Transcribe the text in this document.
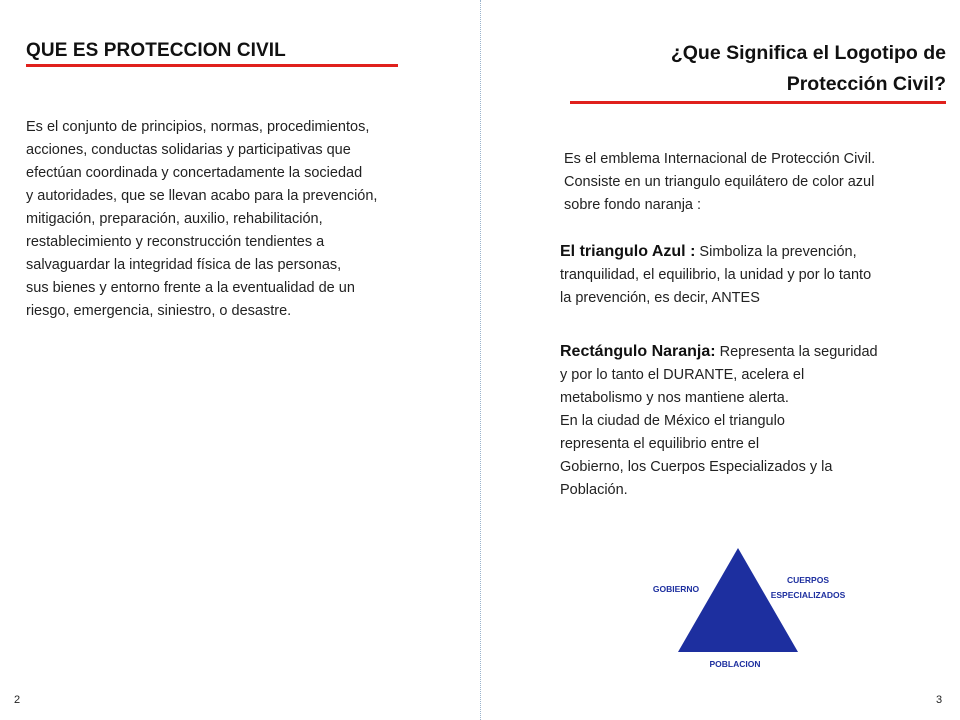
QUE ES PROTECCION CIVIL
Es el conjunto de principios, normas, procedimientos,
acciones, conductas solidarias y participativas que
efectúan coordinada y concertadamente la sociedad
y autoridades, que se llevan acabo para la prevención,
mitigación, preparación, auxilio, rehabilitación,
restablecimiento y reconstrucción tendientes a
salvaguardar la integridad física de las personas,
sus bienes y entorno frente a la eventualidad de un
riesgo, emergencia, siniestro, o desastre.
2
¿Que Significa el Logotipo de
Protección Civil?
Es el emblema Internacional de Protección Civil.
Consiste en un triangulo equilátero de color azul
sobre fondo naranja :
El triangulo Azul : Simboliza la prevención,
tranquilidad, el equilibrio, la unidad y por lo tanto
la prevención, es decir, ANTES
Rectángulo Naranja: Representa la seguridad
y por lo tanto el DURANTE, acelera el
metabolismo y nos mantiene alerta.
En la ciudad de México el triangulo
representa el equilibrio entre el
Gobierno, los Cuerpos Especializados y la
Población.
GOBIERNO
CUERPOS
ESPECIALIZADOS
POBLACION
3
